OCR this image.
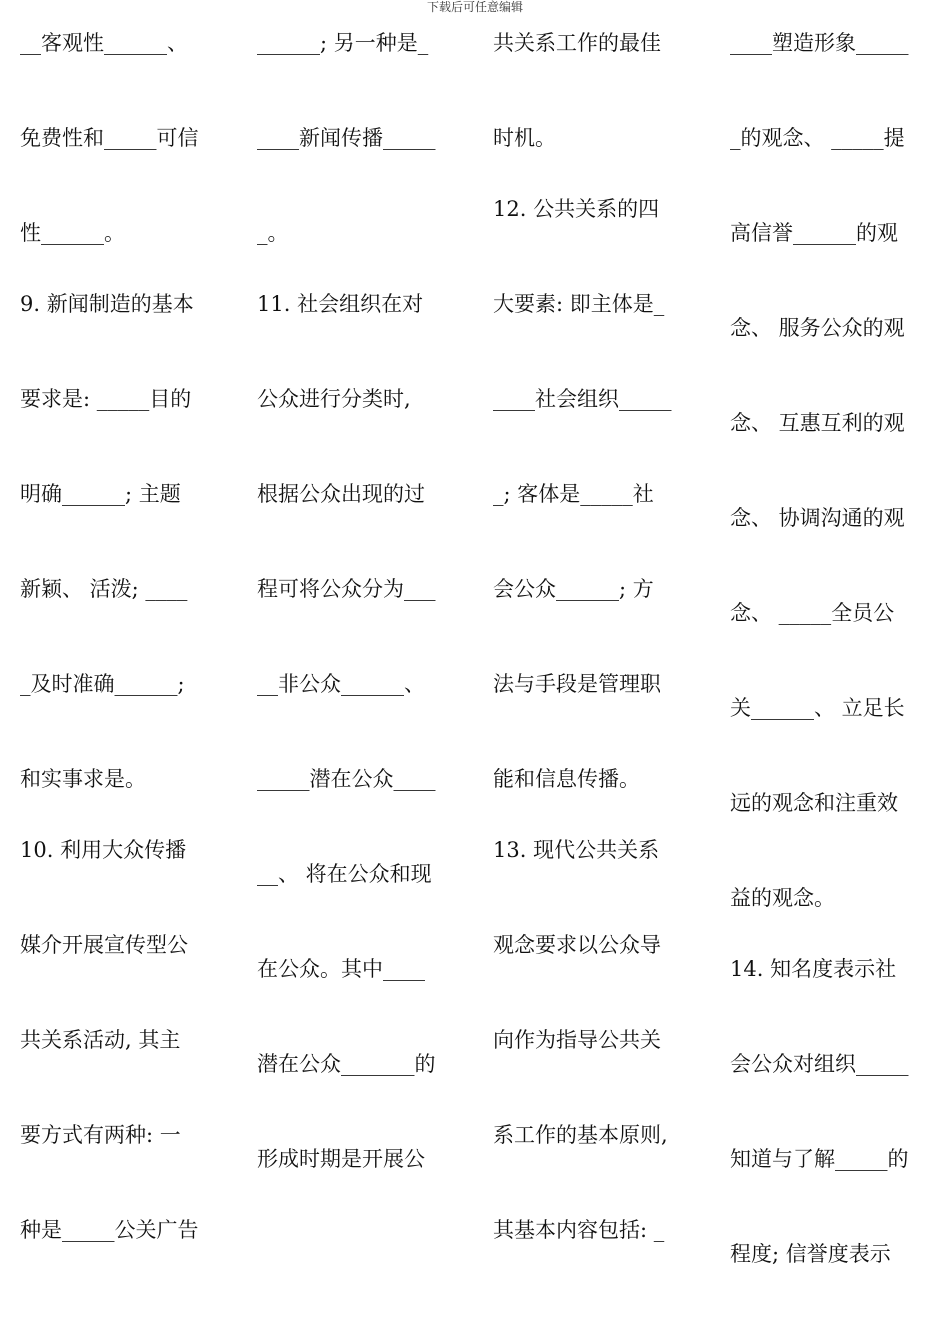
下载后可任意编辑
__客观性______、
免费性和_____可信
性______。
9. 新闻制造的基本
要求是: _____目的
明确______; 主题
新颖、 活泼; ____
_及时准确______;
和实事求是。
10. 利用大众传播
媒介开展宣传型公
共关系活动, 其主
要方式有两种: 一
种是_____公关广告
______; 另一种是_
____新闻传播_____
_。
11. 社会组织在对
公众进行分类时,
根据公众出现的过
程可将公众分为___
__非公众______、
_____潜在公众____
__、 将在公众和现
在公众。其中____
潜在公众_______的
形成时期是开展公
共关系工作的最佳
时机。
12. 公共关系的四
大要素: 即主体是_
____社会组织_____
_; 客体是_____社
会公众______; 方
法与手段是管理职
能和信息传播。
13. 现代公共关系
观念要求以公众导
向作为指导公共关
系工作的基本原则,
其基本内容包括: _
____塑造形象_____
_的观念、 _____提
高信誉______的观
念、 服务公众的观
念、 互惠互利的观
念、 协调沟通的观
念、 _____全员公
关______、 立足长
远的观念和注重效
益的观念。
14. 知名度表示社
会公众对组织_____
知道与了解_____的
程度; 信誉度表示
